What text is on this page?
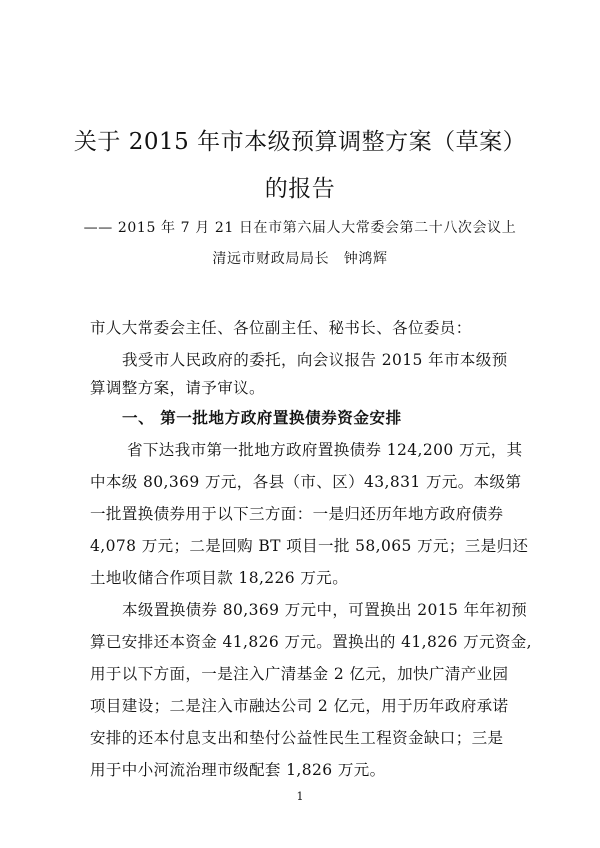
关于 2015 年市本级预算调整方案（草案）
的报告
—— 2015 年 7 月 21 日在市第六届人大常委会第二十八次会议上
清远市财政局局长　钟鸿辉
市人大常委会主任、各位副主任、秘书长、各位委员：
我受市人民政府的委托，向会议报告 2015 年市本级预
算调整方案，请予审议。
一、 第一批地方政府置换债券资金安排
省下达我市第一批地方政府置换债券 124,200 万元，其
中本级 80,369 万元，各县（市、区）43,831 万元。本级第
一批置换债券用于以下三方面：一是归还历年地方政府债券
4,078 万元；二是回购 BT 项目一批 58,065 万元；三是归还
土地收储合作项目款 18,226 万元。
本级置换债券 80,369 万元中，可置换出 2015 年年初预
算已安排还本资金 41,826 万元。置换出的 41,826 万元资金,
用于以下方面，一是注入广清基金 2 亿元，加快广清产业园
项目建设；二是注入市融达公司 2 亿元，用于历年政府承诺
安排的还本付息支出和垫付公益性民生工程资金缺口；三是
用于中小河流治理市级配套 1,826 万元。
1
